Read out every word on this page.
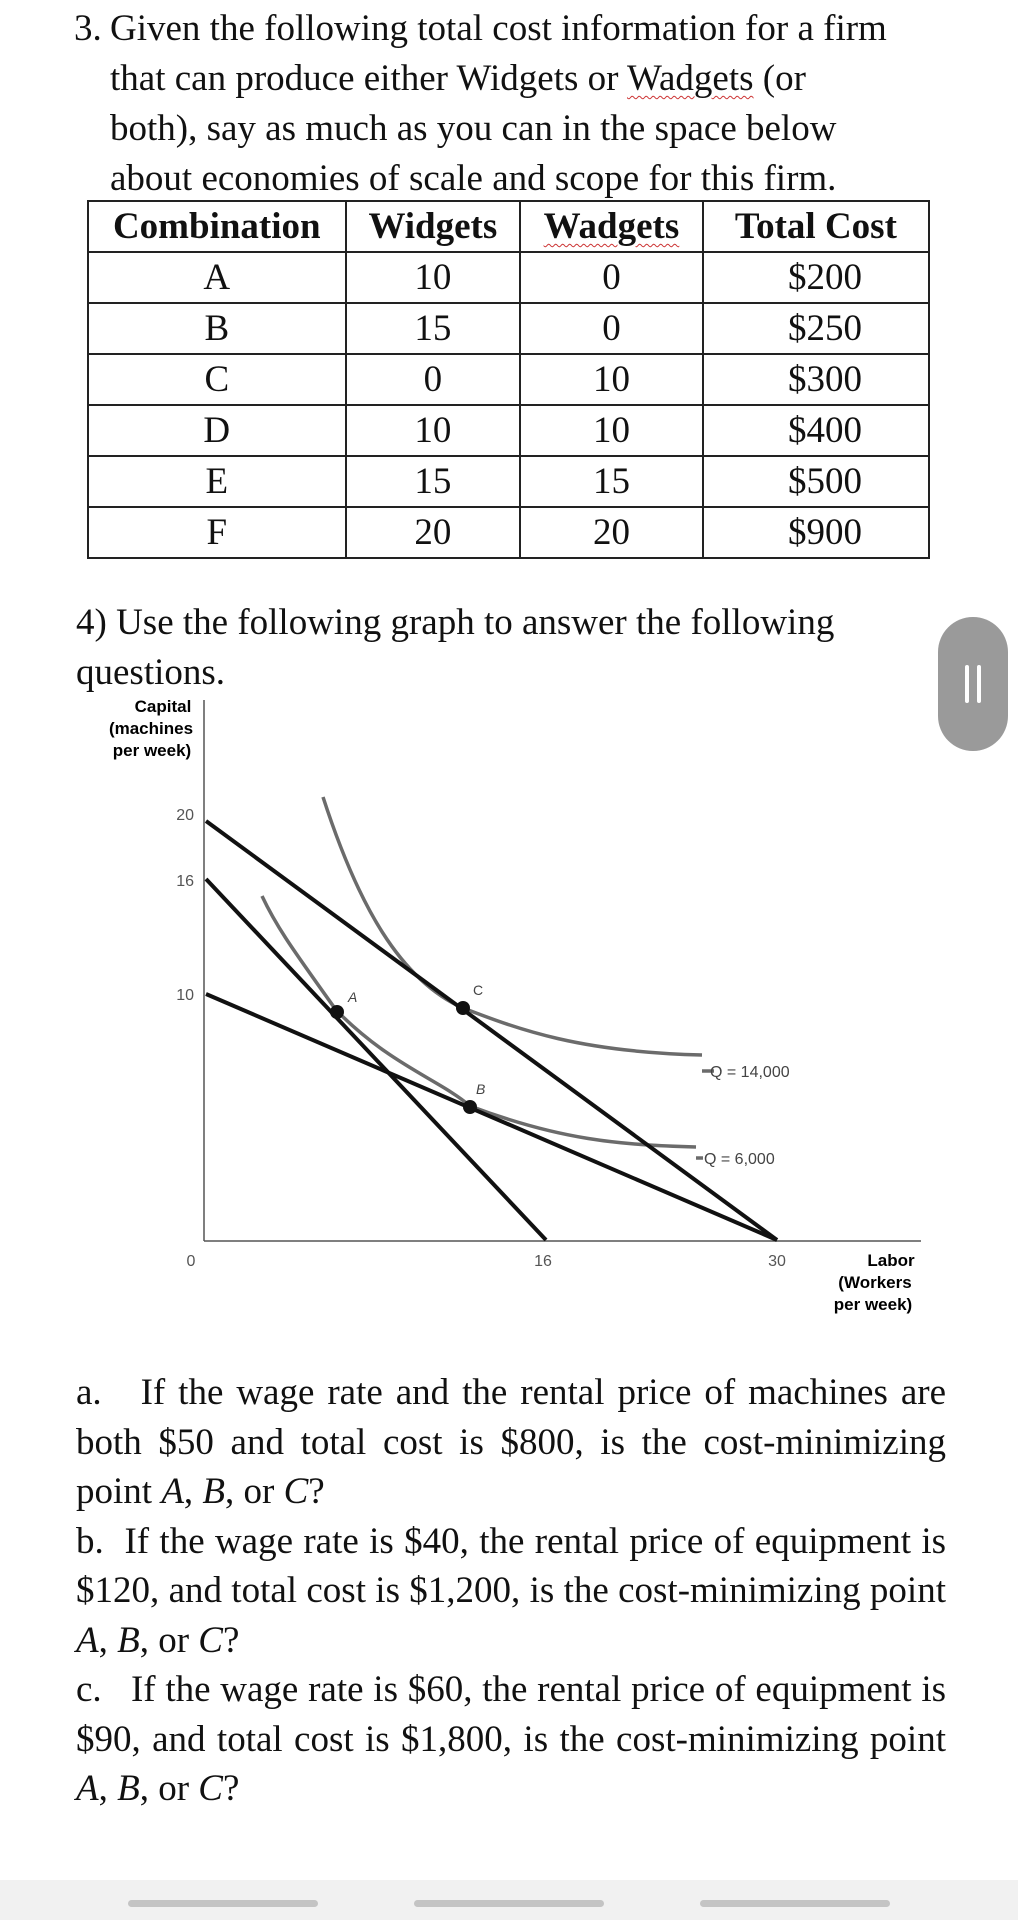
3. Given the following total cost information for a firm
that can produce either Widgets or Wadgets (or
both), say as much as you can in the space below
about economies of scale and scope for this firm.
Combination	Widgets	Wadgets	Total Cost
A	10	0	$200
B	15	0	$250
C	0	10	$300
D	10	10	$400
E	15	15	$500
F	20	20	$900
4) Use the following graph to answer the following questions.
Capital
(machines
per week)
20
16
10
0	16	30	Labor
(Workers
per week)
Q = 14,000
Q = 6,000
A	C
B

a. If the wage rate and the rental price of machines are both $50 and total cost is $800, is the cost-minimizing point A, B, or C?

b. If the wage rate is $40, the rental price of equipment is $120, and total cost is $1,200, is the cost-minimizing point A, B, or C?

c. If the wage rate is $60, the rental price of equipment is $90, and total cost is $1,800, is the cost-minimizing point A, B, or C?
